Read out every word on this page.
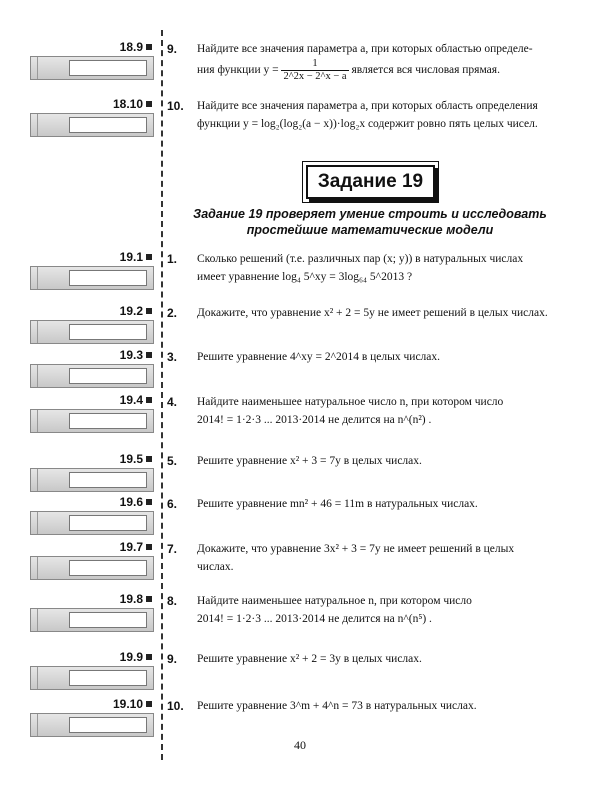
18.9
18.10
19.1
19.2
19.3
19.4
19.5
19.6
19.7
19.8
19.9
19.10
9. Найдите все значения параметра a, при которых областью определе-
ния функции $y = \frac{1}{2\^{}2x - 2\^{}x - a}$ является вся числовая прямая.
10. Найдите все значения параметра a, при которых область определения
функции y = log₂(log₂(a − x))·log₂x содержит ровно пять целых чисел.
Задание 19
Задание 19 проверяет умение строить и исследовать простейшие математические модели
1. Сколько решений (т.е. различных пар (x; y)) в натуральных числах
имеет уравнение log₄ 5^xy = 3log₆₄ 5^2013 ?
2. Докажите, что уравнение x² + 2 = 5y не имеет решений в целых числах.
3. Решите уравнение 4^xy = 2^2014 в целых числах.
4. Найдите наименьшее натуральное число n, при котором число
2014! = 1·2·3 ... 2013·2014 не делится на n^(n²) .
5. Решите уравнение x² + 3 = 7y в целых числах.
6. Решите уравнение mn² + 46 = 11m в натуральных числах.
7. Докажите, что уравнение 3x² + 3 = 7y не имеет решений в целых
числах.
8. Найдите наименьшее натуральное n, при котором число
2014! = 1·2·3 ... 2013·2014 не делится на n^(n⁵) .
9. Решите уравнение x² + 2 = 3y в целых числах.
10. Решите уравнение 3^m + 4^n = 73 в натуральных числах.
40
